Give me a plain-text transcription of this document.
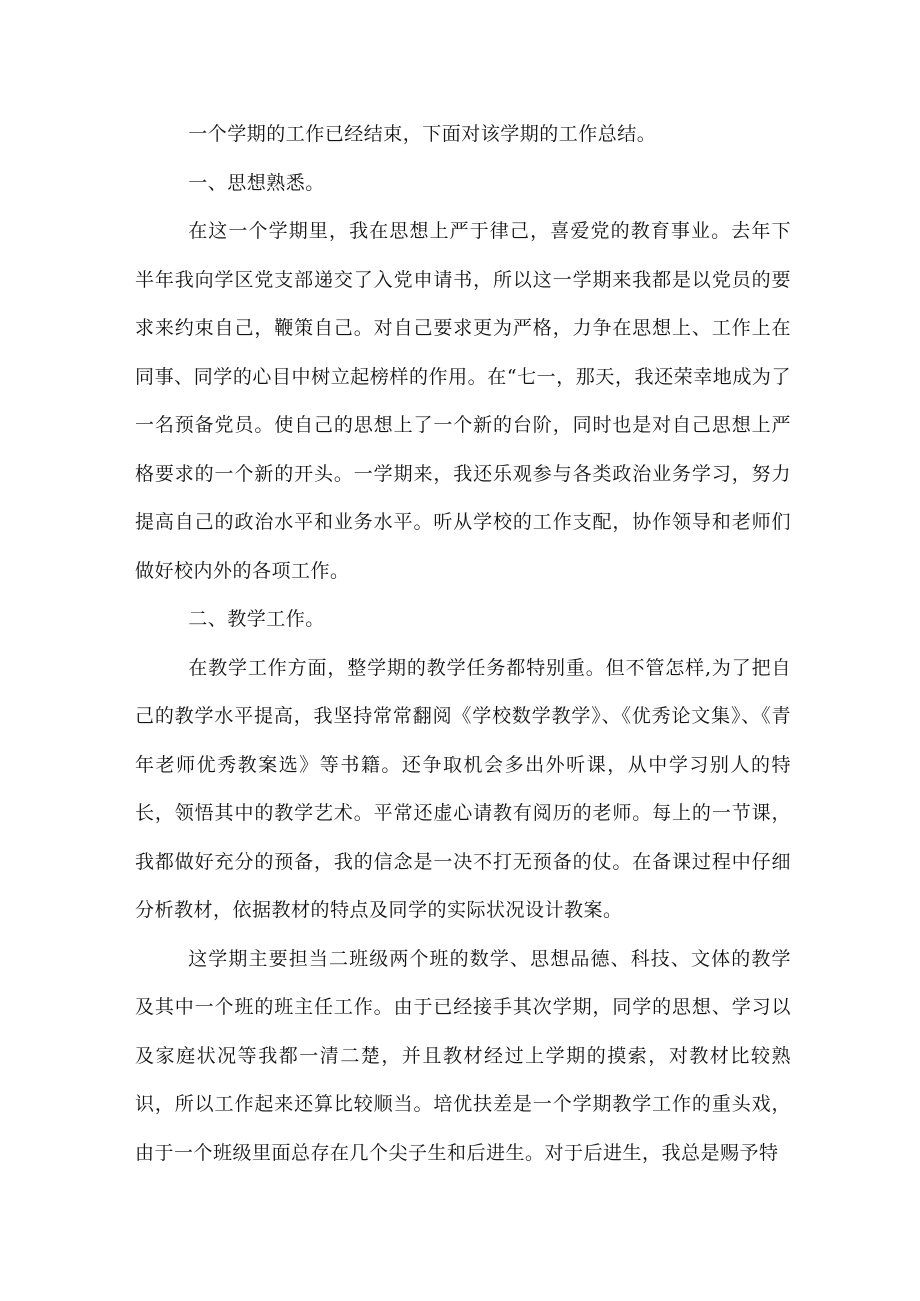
一个学期的工作已经结束，下面对该学期的工作总结。

一、思想熟悉。

在这一个学期里，我在思想上严于律己，喜爱党的教育事业。去年下半年我向学区党支部递交了入党申请书，所以这一学期来我都是以党员的要求来约束自己，鞭策自己。对自己要求更为严格，力争在思想上、工作上在同事、同学的心目中树立起榜样的作用。在“七一，那天，我还荣幸地成为了一名预备党员。使自己的思想上了一个新的台阶，同时也是对自己思想上严格要求的一个新的开头。一学期来，我还乐观参与各类政治业务学习，努力提高自己的政治水平和业务水平。听从学校的工作支配，协作领导和老师们做好校内外的各项工作。

二、教学工作。

在教学工作方面，整学期的教学任务都特别重。但不管怎样,为了把自己的教学水平提高，我坚持常常翻阅《学校数学教学》、《优秀论文集》、《青年老师优秀教案选》等书籍。还争取机会多出外听课，从中学习别人的特长，领悟其中的教学艺术。平常还虚心请教有阅历的老师。每上的一节课，我都做好充分的预备，我的信念是一决不打无预备的仗。在备课过程中仔细分析教材，依据教材的特点及同学的实际状况设计教案。

这学期主要担当二班级两个班的数学、思想品德、科技、文体的教学及其中一个班的班主任工作。由于已经接手其次学期，同学的思想、学习以及家庭状况等我都一清二楚，并且教材经过上学期的摸索，对教材比较熟识，所以工作起来还算比较顺当。培优扶差是一个学期教学工作的重头戏，由于一个班级里面总存在几个尖子生和后进生。对于后进生，我总是赐予特
